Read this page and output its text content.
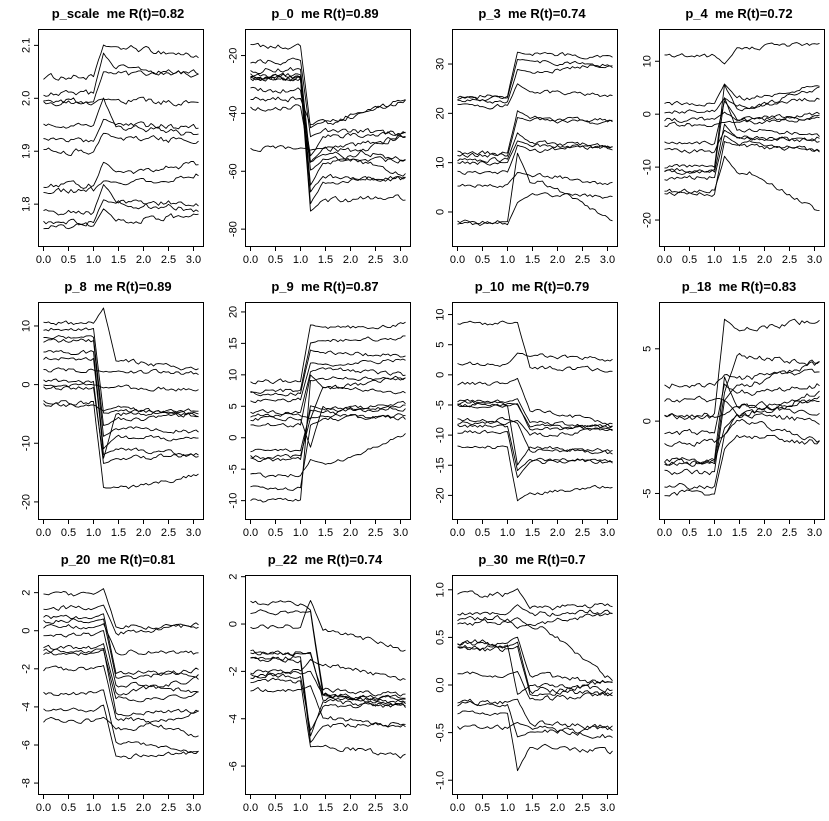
p_scale  me R(t)=0.82
0.0 0.5 1.0 1.5 2.0 2.5 3.0
1.8
1.9
2.0
2.1
p_0  me R(t)=0.89
0.0 0.5 1.0 1.5 2.0 2.5 3.0
-80
-60
-40
-20
p_3  me R(t)=0.74
0.0 0.5 1.0 1.5 2.0 2.5 3.0
0
10
20
30
p_4  me R(t)=0.72
0.0 0.5 1.0 1.5 2.0 2.5 3.0
-20
-10
0
10
p_8  me R(t)=0.89
0.0 0.5 1.0 1.5 2.0 2.5 3.0
-20
-10
0
10
p_9  me R(t)=0.87
0.0 0.5 1.0 1.5 2.0 2.5 3.0
-10
-5
0
5
10
15
20
p_10  me R(t)=0.79
0.0 0.5 1.0 1.5 2.0 2.5 3.0
-20
-15
-10
-5
0
5
10
p_18  me R(t)=0.83
0.0 0.5 1.0 1.5 2.0 2.5 3.0
-5
0
5
p_20  me R(t)=0.81
0.0 0.5 1.0 1.5 2.0 2.5 3.0
-8
-6
-4
-2
0
2
p_22  me R(t)=0.74
0.0 0.5 1.0 1.5 2.0 2.5 3.0
-6
-4
-2
0
2
p_30  me R(t)=0.7
0.0 0.5 1.0 1.5 2.0 2.5 3.0
-1.0
-0.5
0.0
0.5
1.0
